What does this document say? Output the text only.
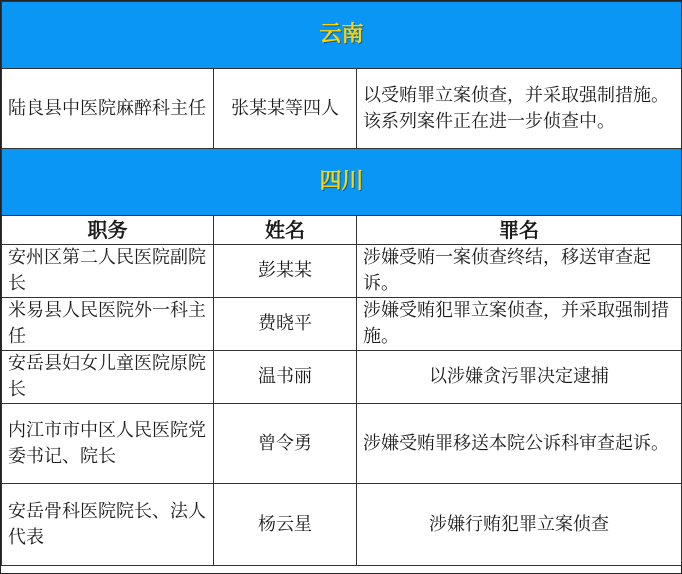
云南		
陆良县中医院麻醉科主任	张某某等四人	以受贿罪立案侦查，并采取强制措施。该系列案件正在进一步侦查中。
四川		
职务	姓名	罪名
安州区第二人民医院副院长	彭某某	涉嫌受贿一案侦查终结，移送审查起诉。
米易县人民医院外一科主任	费晓平	涉嫌受贿犯罪立案侦查，并采取强制措施。
安岳县妇女儿童医院原院长	温书丽	以涉嫌贪污罪决定逮捕
内江市市中区人民医院党委书记、院长	曾令勇	涉嫌受贿罪移送本院公诉科审查起诉。
安岳骨科医院院长、法人代表	杨云星	涉嫌行贿犯罪立案侦查
